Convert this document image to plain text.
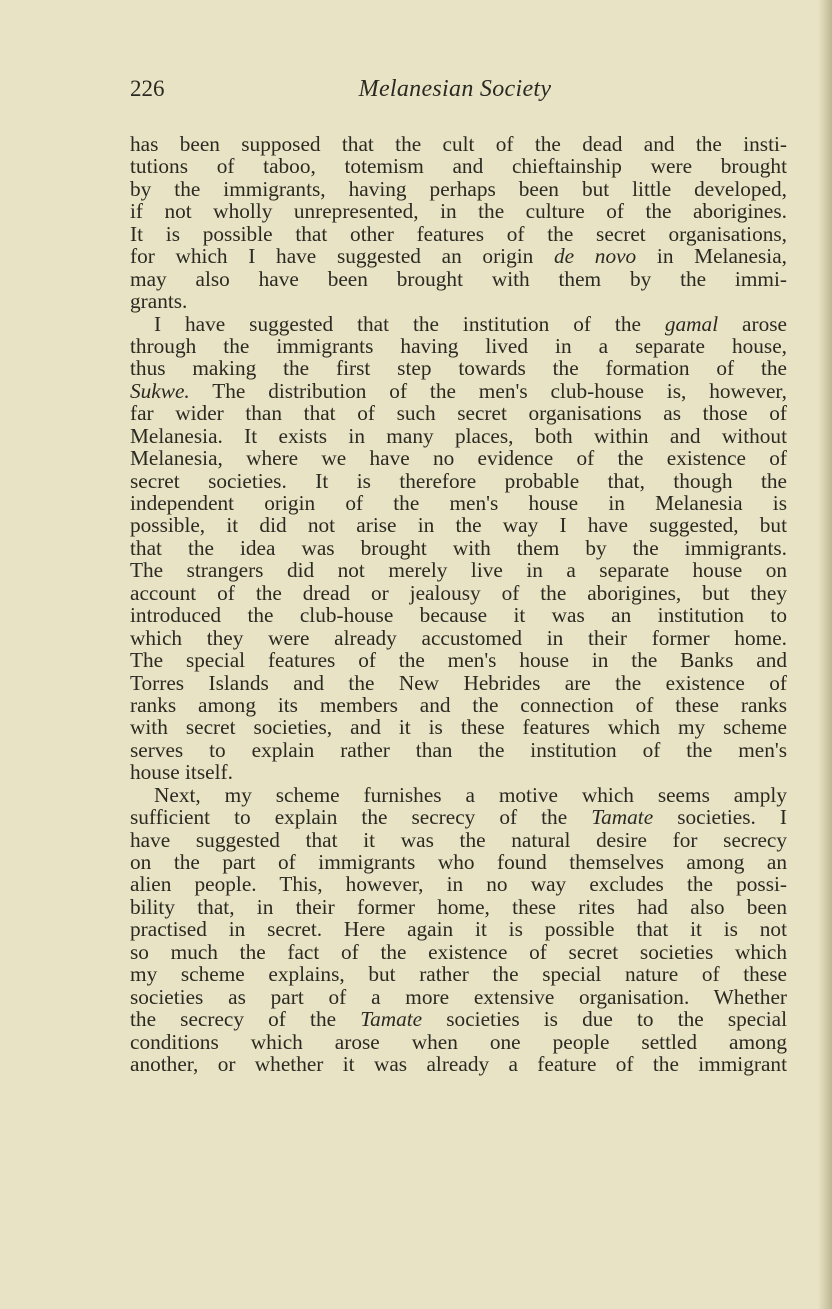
226	Melanesian Society
has been supposed that the cult of the dead and the insti-
tutions of taboo, totemism and chieftainship were brought
by the immigrants, having perhaps been but little developed,
if not wholly unrepresented, in the culture of the aborigines.
It is possible that other features of the secret organisations,
for which I have suggested an origin de novo in Melanesia,
may also have been brought with them by the immi-
grants.
I have suggested that the institution of the gamal arose
through the immigrants having lived in a separate house,
thus making the first step towards the formation of the
Sukwe. The distribution of the men's club-house is, however,
far wider than that of such secret organisations as those of
Melanesia. It exists in many places, both within and without
Melanesia, where we have no evidence of the existence of
secret societies. It is therefore probable that, though the
independent origin of the men's house in Melanesia is
possible, it did not arise in the way I have suggested, but
that the idea was brought with them by the immigrants.
The strangers did not merely live in a separate house on
account of the dread or jealousy of the aborigines, but they
introduced the club-house because it was an institution to
which they were already accustomed in their former home.
The special features of the men's house in the Banks and
Torres Islands and the New Hebrides are the existence of
ranks among its members and the connection of these ranks
with secret societies, and it is these features which my scheme
serves to explain rather than the institution of the men's
house itself.
Next, my scheme furnishes a motive which seems amply
sufficient to explain the secrecy of the Tamate societies. I
have suggested that it was the natural desire for secrecy
on the part of immigrants who found themselves among an
alien people. This, however, in no way excludes the possi-
bility that, in their former home, these rites had also been
practised in secret. Here again it is possible that it is not
so much the fact of the existence of secret societies which
my scheme explains, but rather the special nature of these
societies as part of a more extensive organisation. Whether
the secrecy of the Tamate societies is due to the special
conditions which arose when one people settled among
another, or whether it was already a feature of the immigrant
